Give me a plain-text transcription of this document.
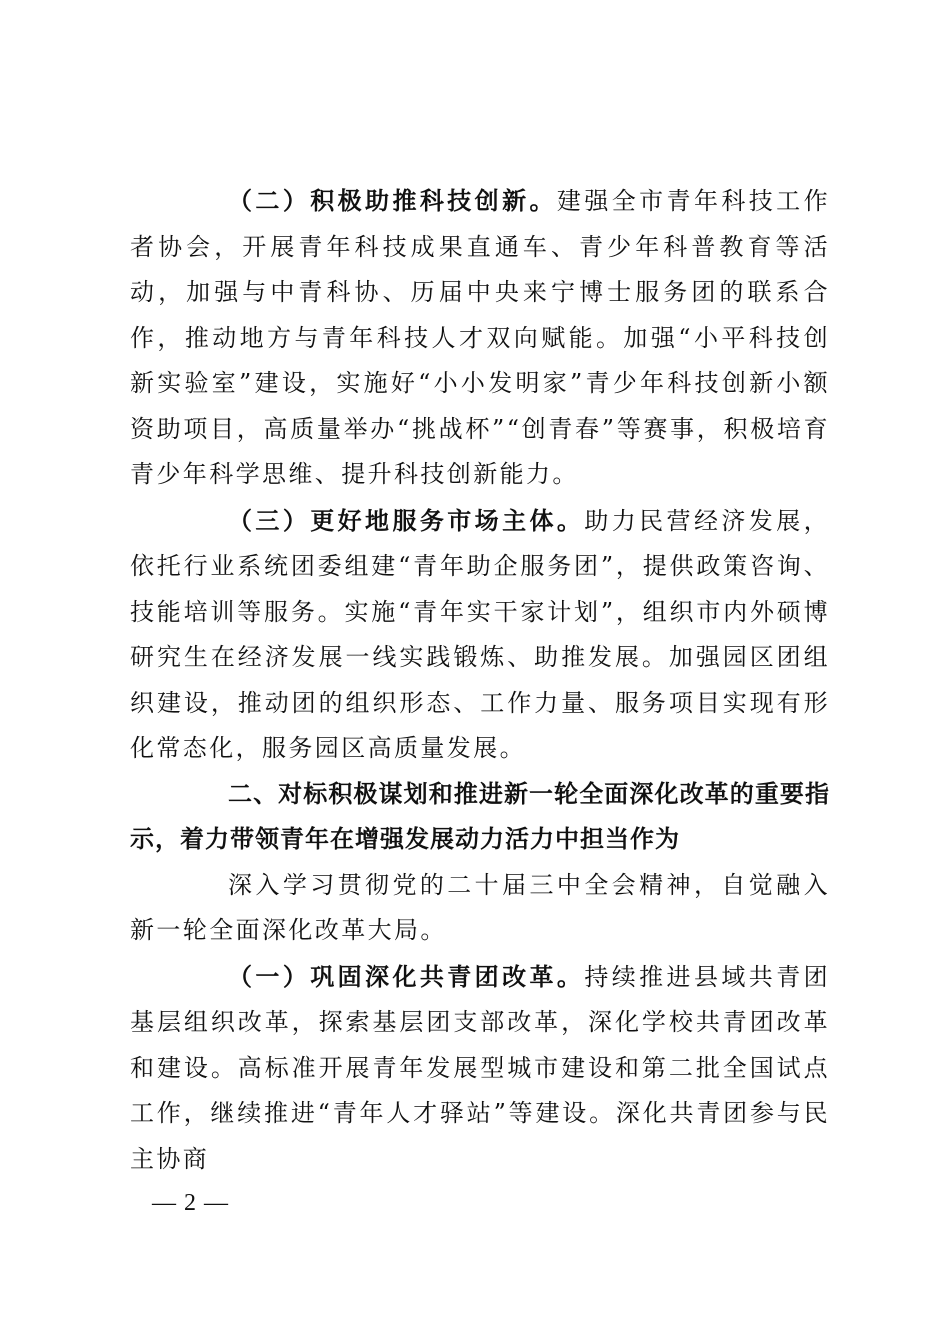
（二）积极助推科技创新。建强全市青年科技工作者协会，开展青年科技成果直通车、青少年科普教育等活动，加强与中青科协、历届中央来宁博士服务团的联系合作，推动地方与青年科技人才双向赋能。加强“小平科技创新实验室”建设，实施好“小小发明家”青少年科技创新小额资助项目，高质量举办“挑战杯”“创青春”等赛事，积极培育青少年科学思维、提升科技创新能力。

（三）更好地服务市场主体。助力民营经济发展，依托行业系统团委组建“青年助企服务团”，提供政策咨询、技能培训等服务。实施“青年实干家计划”，组织市内外硕博研究生在经济发展一线实践锻炼、助推发展。加强园区团组织建设，推动团的组织形态、工作力量、服务项目实现有形化常态化，服务园区高质量发展。

二、对标积极谋划和推进新一轮全面深化改革的重要指示，着力带领青年在增强发展动力活力中担当作为

深入学习贯彻党的二十届三中全会精神，自觉融入新一轮全面深化改革大局。

（一）巩固深化共青团改革。持续推进县域共青团基层组织改革，探索基层团支部改革，深化学校共青团改革和建设。高标准开展青年发展型城市建设和第二批全国试点工作，继续推进“青年人才驿站”等建设。深化共青团参与民主协商

— 2 —
